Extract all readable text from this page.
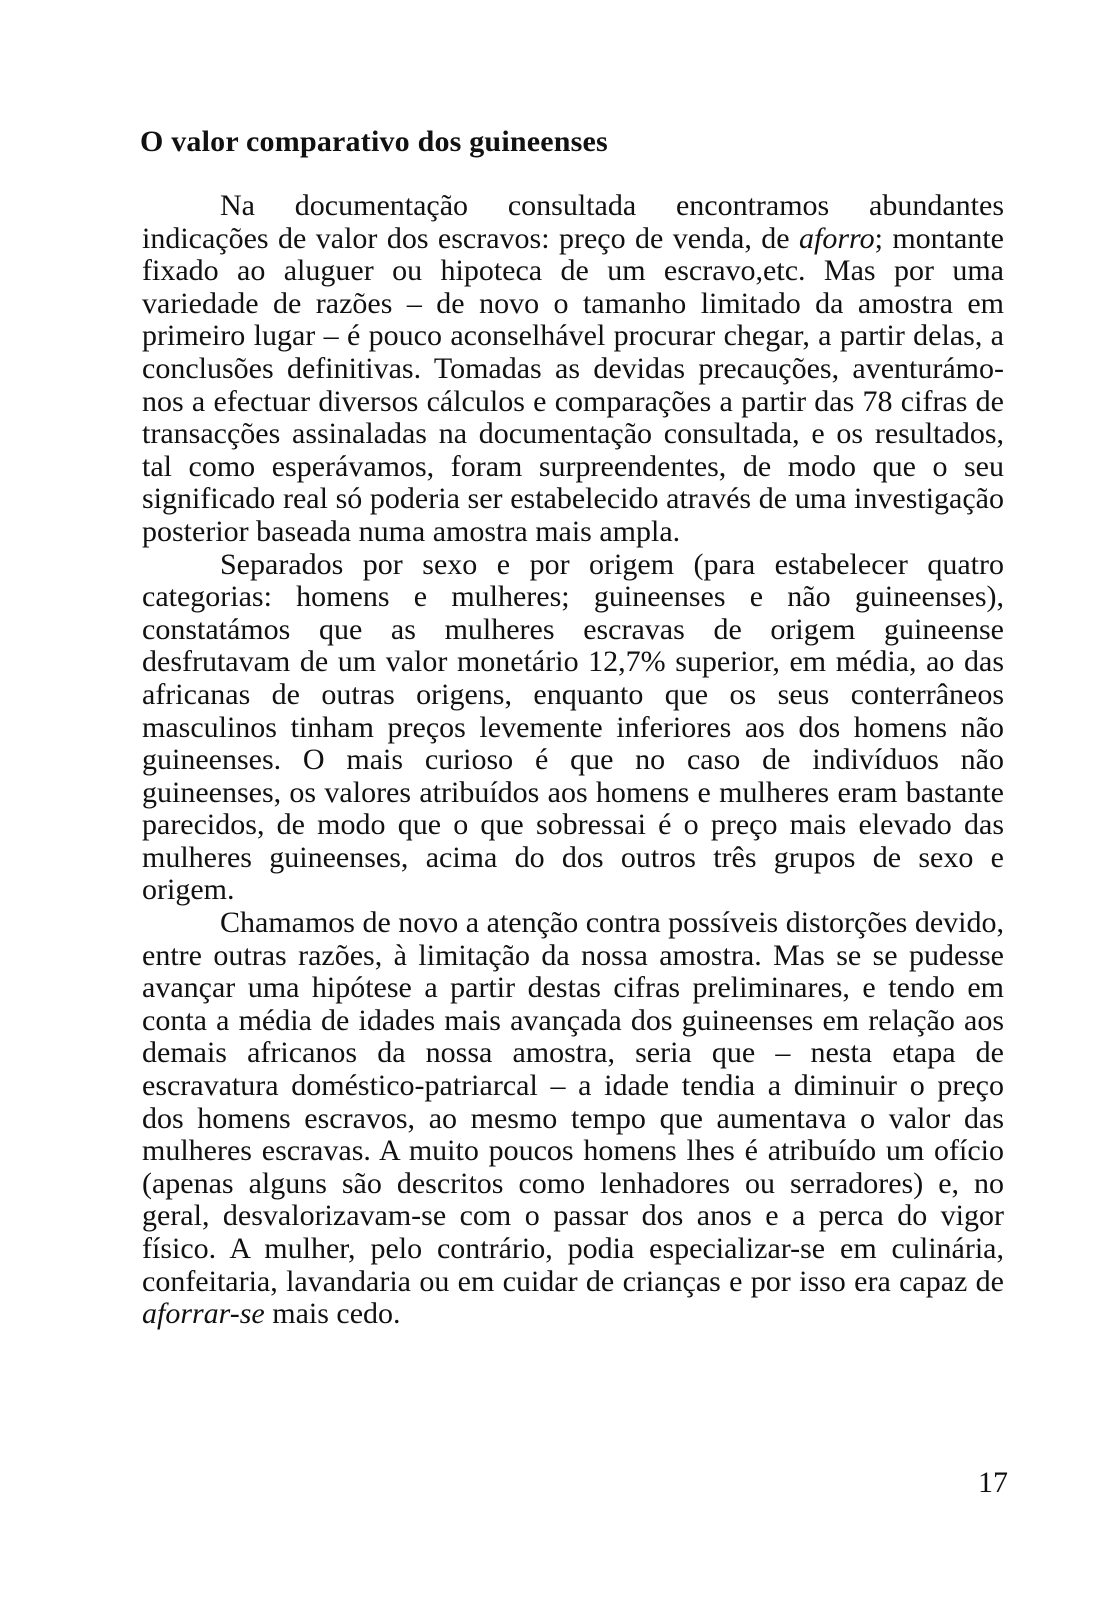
O valor comparativo dos guineenses

Na documentação consultada encontramos abundantes indicações de valor dos escravos: preço de venda, de aforro; montante fixado ao aluguer ou hipoteca de um escravo,etc. Mas por uma variedade de razões – de novo o tamanho limitado da amostra em primeiro lugar – é pouco aconselhável procurar chegar, a partir delas, a conclusões definitivas. Tomadas as devidas precauções, aventurámo-nos a efectuar diversos cálculos e comparações a partir das 78 cifras de transacções assinaladas na documentação consultada, e os resultados, tal como esperávamos, foram surpreendentes, de modo que o seu significado real só poderia ser estabelecido através de uma investigação posterior baseada numa amostra mais ampla.

Separados por sexo e por origem (para estabelecer quatro categorias: homens e mulheres; guineenses e não guineenses), constatámos que as mulheres escravas de origem guineense desfrutavam de um valor monetário 12,7% superior, em média, ao das africanas de outras origens, enquanto que os seus conterrâneos masculinos tinham preços levemente inferiores aos dos homens não guineenses. O mais curioso é que no caso de indivíduos não guineenses, os valores atribuídos aos homens e mulheres eram bastante parecidos, de modo que o que sobressai é o preço mais elevado das mulheres guineenses, acima do dos outros três grupos de sexo e origem.

Chamamos de novo a atenção contra possíveis distorções devido, entre outras razões, à limitação da nossa amostra. Mas se se pudesse avançar uma hipótese a partir destas cifras preliminares, e tendo em conta a média de idades mais avançada dos guineenses em relação aos demais africanos da nossa amostra, seria que – nesta etapa de escravatura doméstico-patriarcal – a idade tendia a diminuir o preço dos homens escravos, ao mesmo tempo que aumentava o valor das mulheres escravas. A muito poucos homens lhes é atribuído um ofício (apenas alguns são descritos como lenhadores ou serradores) e, no geral, desvalorizavam-se com o passar dos anos e a perca do vigor físico. A mulher, pelo contrário, podia especializar-se em culinária, confeitaria, lavandaria ou em cuidar de crianças e por isso era capaz de aforrar-se mais cedo.

17
